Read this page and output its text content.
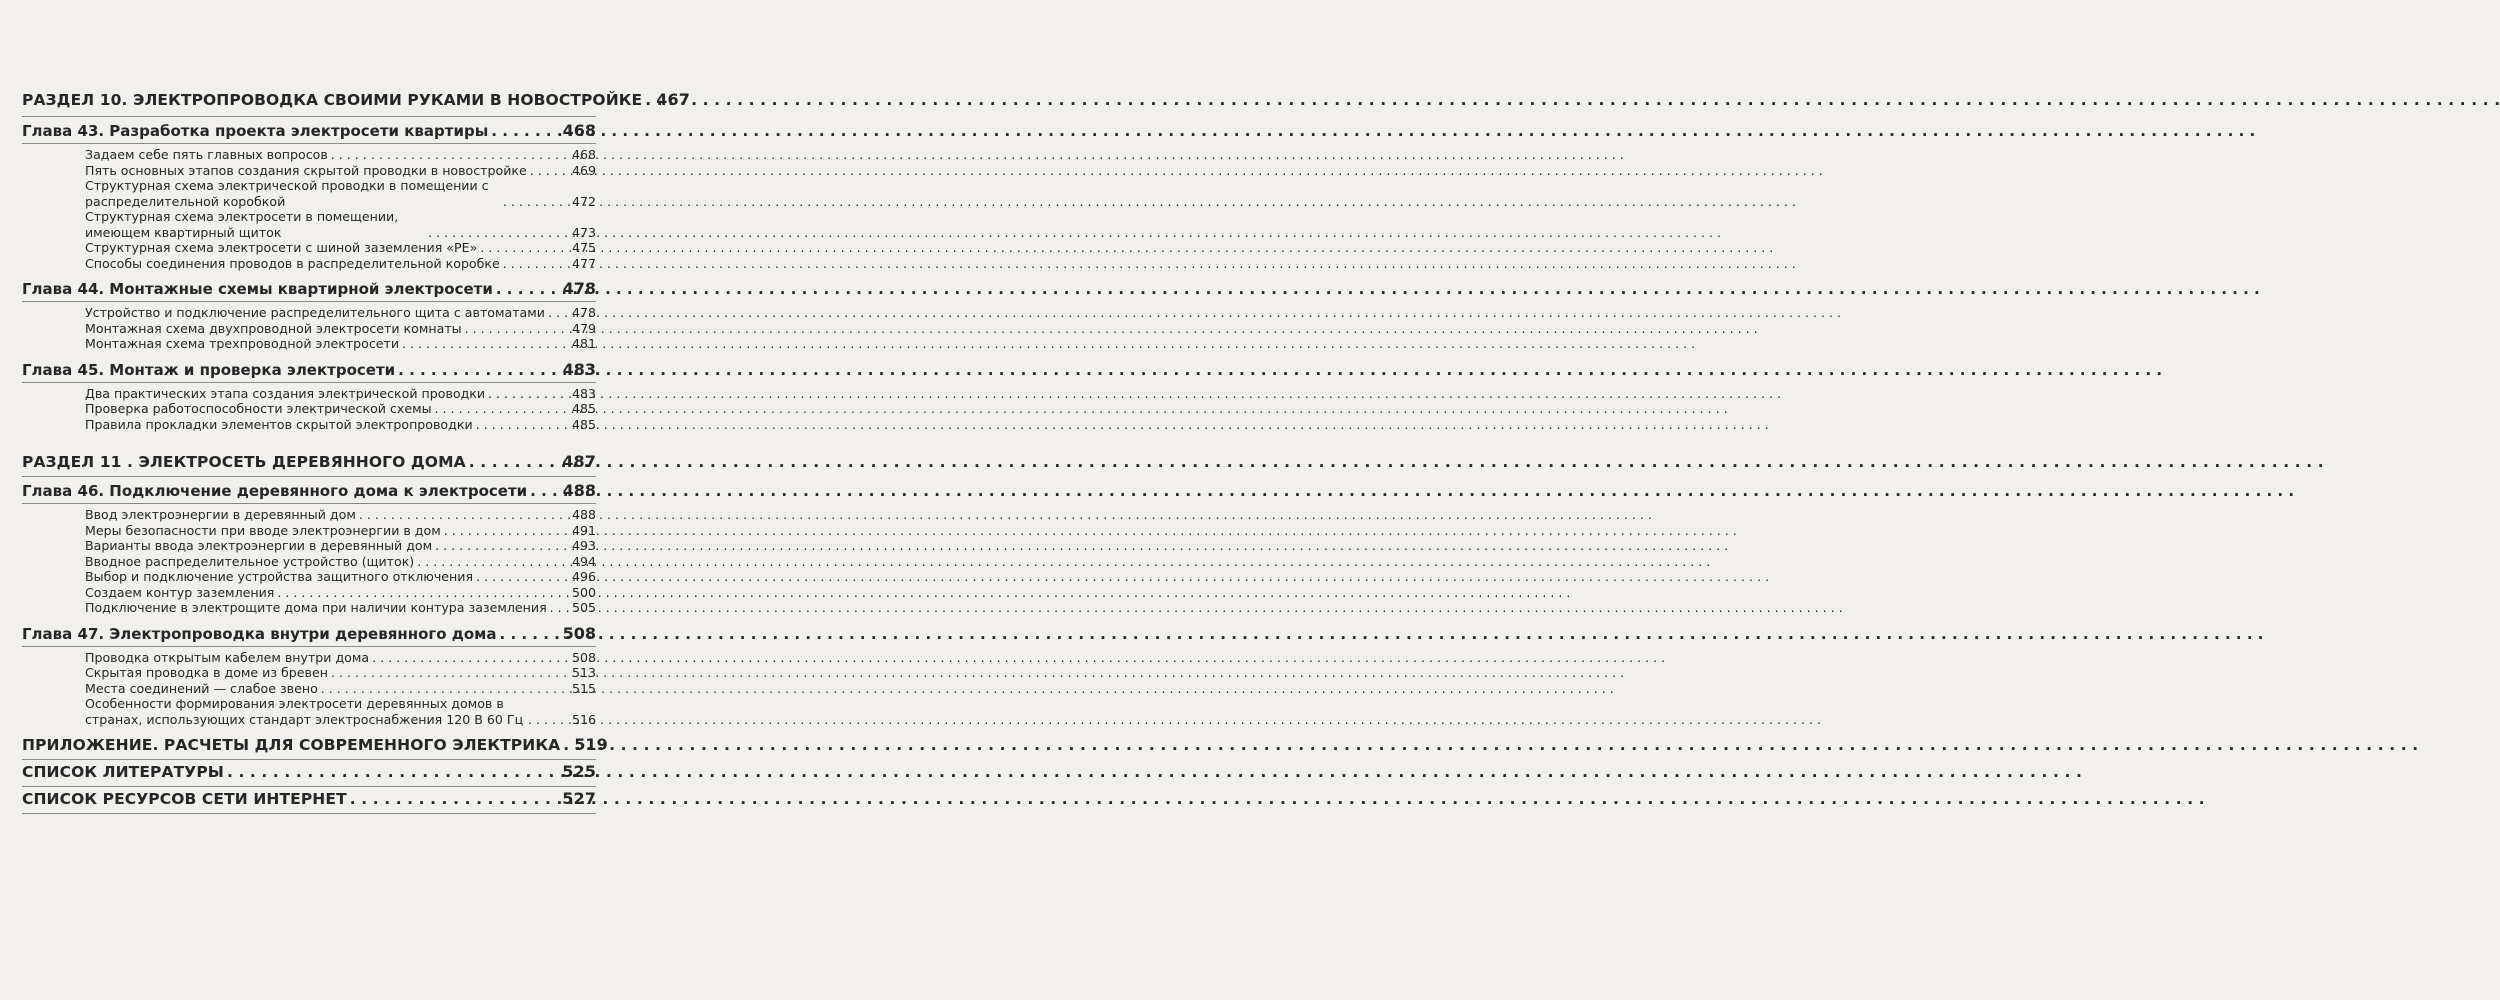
РАЗДЕЛ 10. ЭЛЕКТРОПРОВОДКА СВОИМИ РУКАМИ В НОВОСТРОЙКЕ . . . 467
Глава 43. Разработка проекта электросети квартиры . . .	468
Задаем себе пять главных вопросов . . .	468
Пять основных этапов создания скрытой проводки в новостройке . . .	469
Структурная схема электрической проводки в помещении с распределительной коробкой . . .	472
Структурная схема электросети в помещении, имеющем квартирный щиток . . .	473
Структурная схема электросети с шиной заземления «PE» . . .	475
Способы соединения проводов в распределительной коробке . . .	477
Глава 44. Монтажные схемы квартирной электросети . . .	478
Устройство и подключение распределительного щита с автоматами . . . 478
Монтажная схема двухпроводной электросети комнаты . . .	479
Монтажная схема трехпроводной электросети . . .	481
Глава 45. Монтаж и проверка электросети . . .	483
Два практических этапа создания электрической проводки . . .	483
Проверка работоспособности электрической схемы . . .	485
Правила прокладки элементов скрытой электропроводки . . .	485
РАЗДЕЛ 11 . ЭЛЕКТРОСЕТЬ ДЕРЕВЯННОГО ДОМА . . .	487
Глава 46. Подключение деревянного дома к электросети . . . 488
Ввод электроэнергии в деревянный дом . . .	488
Меры безопасности при вводе электроэнергии в дом . . .	491
Варианты ввода электроэнергии в деревянный дом . . .	493
Вводное распределительное устройство (щиток) . . .	494
Выбор и подключение устройства защитного отключения . . .	496
Создаем контур заземления . . .	500
Подключение в электрощите дома при наличии контура заземления . . . 505
Глава 47. Электропроводка внутри деревянного дома . . .	508
Проводка открытым кабелем внутри дома . . .	508
Скрытая проводка в доме из бревен . . .	513
Места соединений — слабое звено . . .	515
Особенности формирования электросети деревянных домов в странах, использующих стандарт электроснабжения 120 В 60 Гц . . .	516
ПРИЛОЖЕНИЕ. РАСЧЕТЫ ДЛЯ СОВРЕМЕННОГО ЭЛЕКТРИКА . . . 519
СПИСОК ЛИТЕРАТУРЫ . . .	525
СПИСОК РЕСУРСОВ СЕТИ ИНТЕРНЕТ . . .	527
